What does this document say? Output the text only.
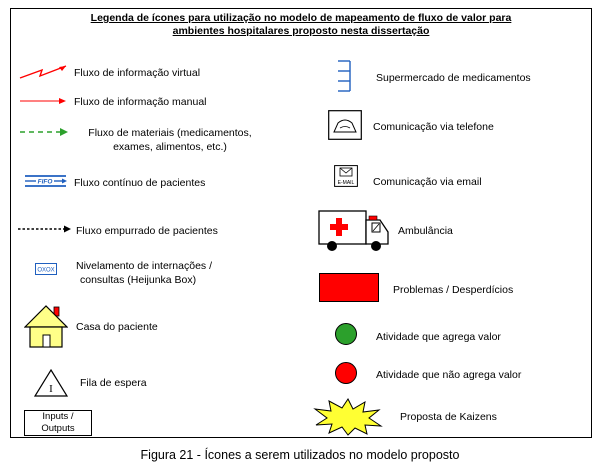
Legenda de ícones para utilização no modelo de mapeamento de fluxo de valor para
ambientes hospitalares proposto nesta dissertação
Fluxo de informação virtual
Fluxo de informação manual
Fluxo de materiais (medicamentos,
exames, alimentos, etc.)
FIFO Fluxo contínuo de pacientes
Fluxo empurrado de pacientes
OXOX Nivelamento de internações /
consultas (Heijunka Box)
Casa do paciente
I	Fila de espera
Inputs /
Outputs
Supermercado de medicamentos
Comunicação via telefone
E-MAIL Comunicação via email
Ambulância
Problemas / Desperdícios
Atividade que agrega valor
Atividade que não agrega valor
Proposta de Kaizens
Figura 21 - Ícones a serem utilizados no modelo proposto
